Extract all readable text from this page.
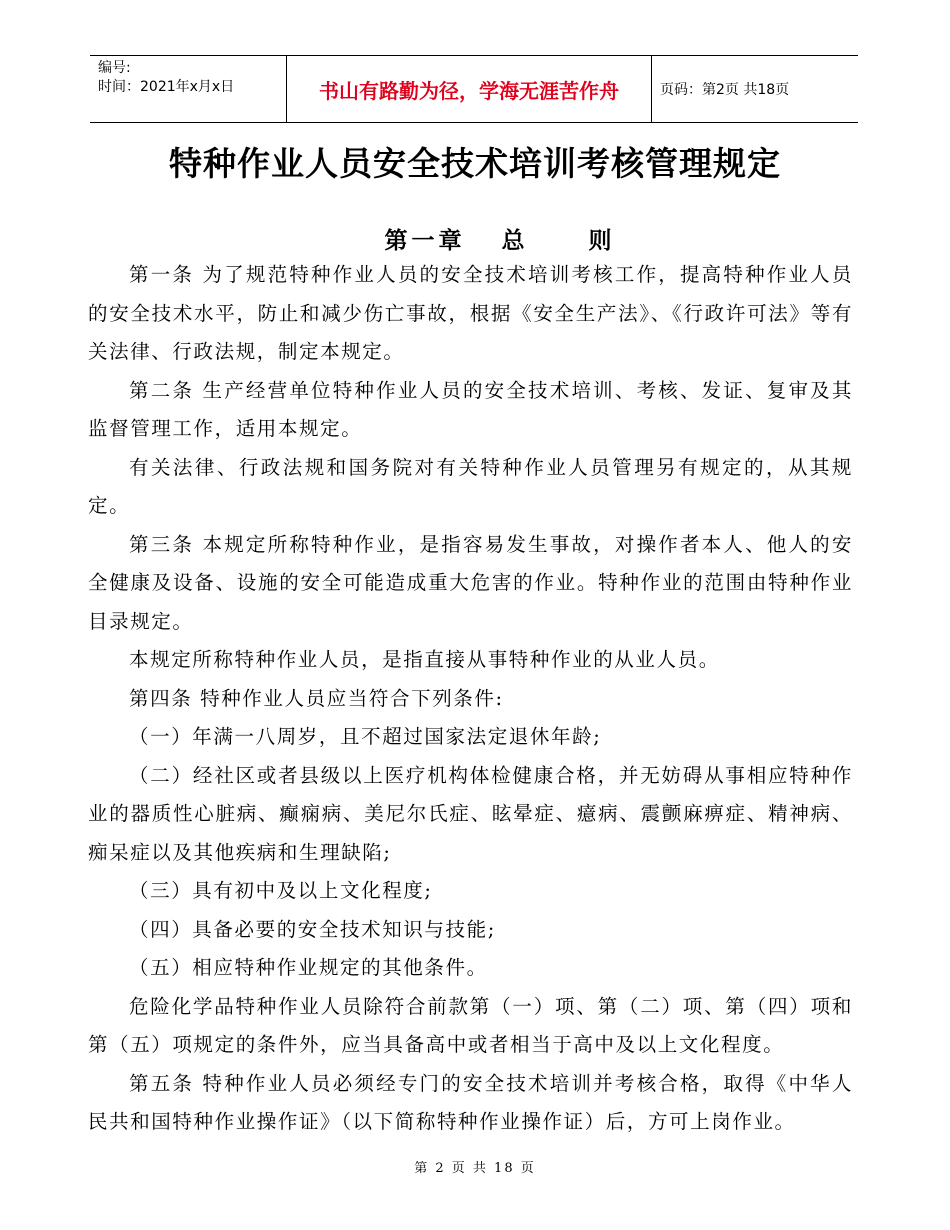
编号:
时间：2021年x月x日	书山有路勤为径，学海无涯苦作舟	页码：第2页 共18页
特种作业人员安全技术培训考核管理规定
第一章   总     则

第一条 为了规范特种作业人员的安全技术培训考核工作，提高特种作业人员的安全技术水平，防止和减少伤亡事故，根据《安全生产法》、《行政许可法》等有关法律、行政法规，制定本规定。

第二条 生产经营单位特种作业人员的安全技术培训、考核、发证、复审及其监督管理工作，适用本规定。

有关法律、行政法规和国务院对有关特种作业人员管理另有规定的，从其规定。

第三条 本规定所称特种作业，是指容易发生事故，对操作者本人、他人的安全健康及设备、设施的安全可能造成重大危害的作业。特种作业的范围由特种作业目录规定。

本规定所称特种作业人员，是指直接从事特种作业的从业人员。

第四条 特种作业人员应当符合下列条件:

（一）年满一八周岁，且不超过国家法定退休年龄;

（二）经社区或者县级以上医疗机构体检健康合格，并无妨碍从事相应特种作业的器质性心脏病、癫痫病、美尼尔氏症、眩晕症、癔病、震颤麻痹症、精神病、痴呆症以及其他疾病和生理缺陷;

（三）具有初中及以上文化程度;

（四）具备必要的安全技术知识与技能;

（五）相应特种作业规定的其他条件。

危险化学品特种作业人员除符合前款第（一）项、第（二）项、第（四）项和第（五）项规定的条件外，应当具备高中或者相当于高中及以上文化程度。

第五条 特种作业人员必须经专门的安全技术培训并考核合格，取得《中华人民共和国特种作业操作证》（以下简称特种作业操作证）后，方可上岗作业。

第 2 页 共 18 页
